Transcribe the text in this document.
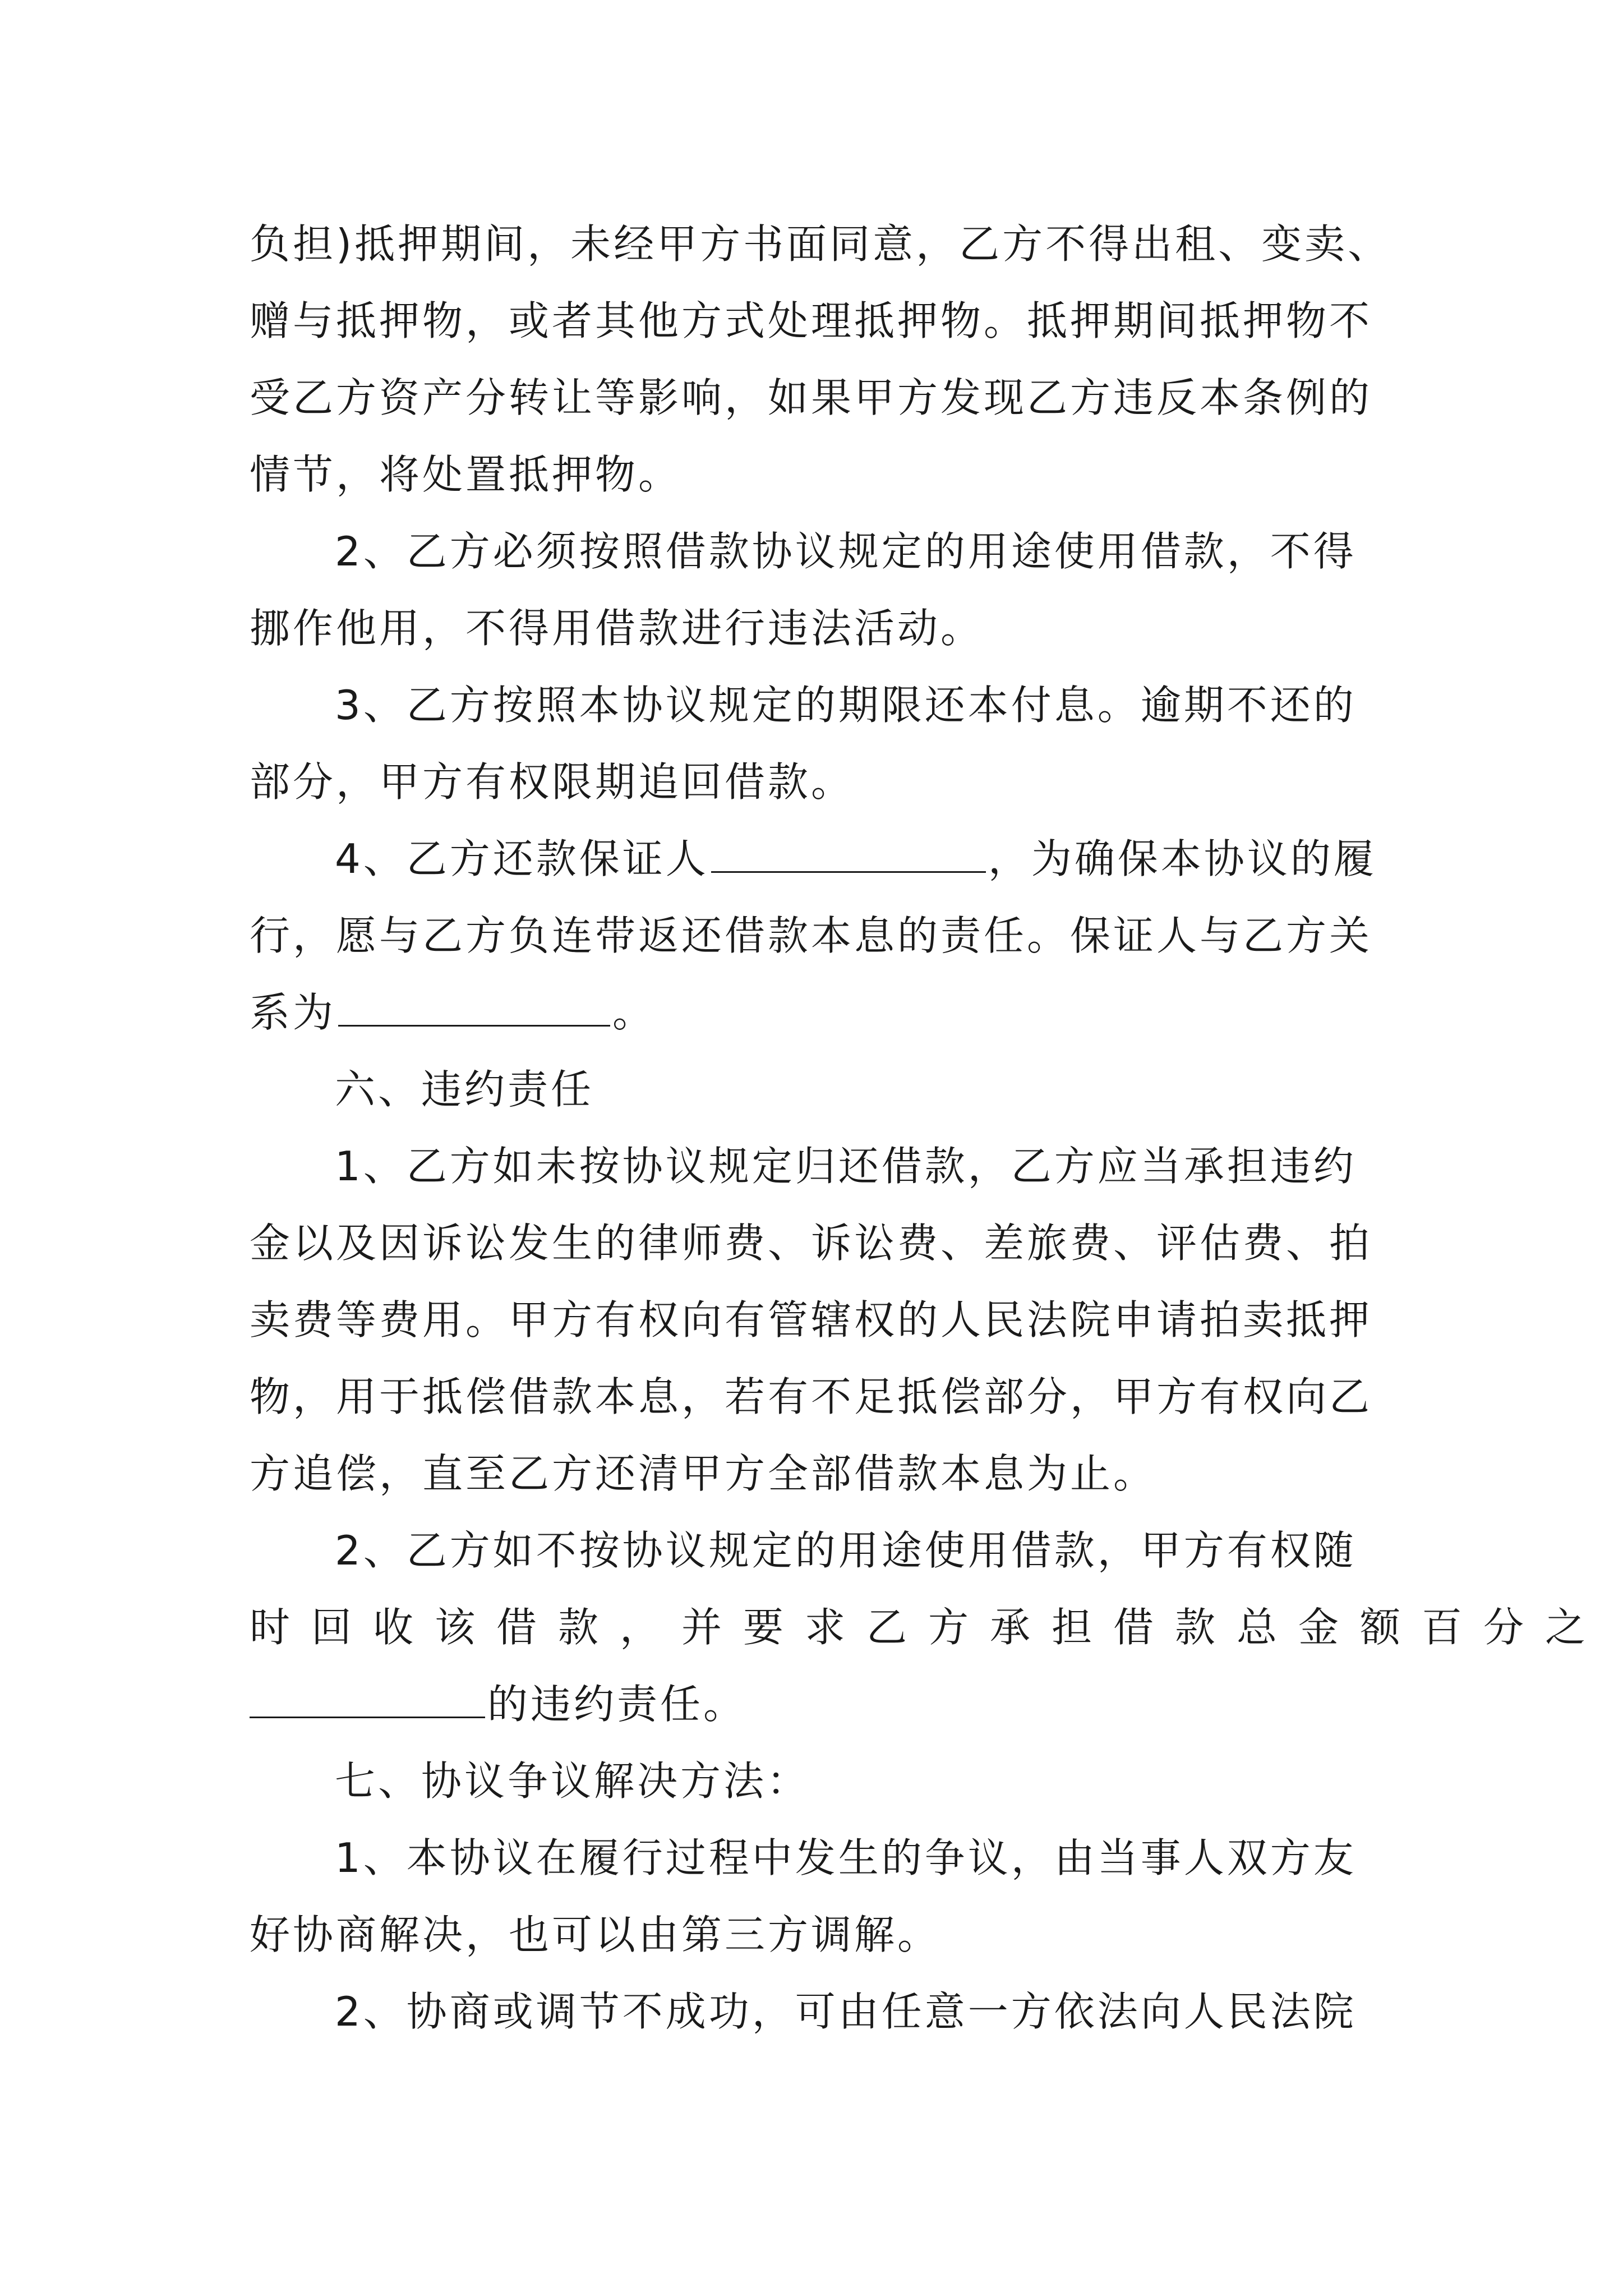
负担)抵押期间，未经甲方书面同意，乙方不得出租、变卖、

赠与抵押物，或者其他方式处理抵押物。抵押期间抵押物不

受乙方资产分转让等影响，如果甲方发现乙方违反本条例的

情节，将处置抵押物。

2、乙方必须按照借款协议规定的用途使用借款，不得

挪作他用，不得用借款进行违法活动。

3、乙方按照本协议规定的期限还本付息。逾期不还的

部分，甲方有权限期追回借款。

4、乙方还款保证人	，为确保本协议的履

行，愿与乙方负连带返还借款本息的责任。保证人与乙方关

系为	。

六、违约责任

1、乙方如未按协议规定归还借款，乙方应当承担违约

金以及因诉讼发生的律师费、诉讼费、差旅费、评估费、拍

卖费等费用。甲方有权向有管辖权的人民法院申请拍卖抵押

物，用于抵偿借款本息，若有不足抵偿部分，甲方有权向乙

方追偿，直至乙方还清甲方全部借款本息为止。

2、乙方如不按协议规定的用途使用借款，甲方有权随

时回收该借款，并要求乙方承担借款总金额百分之

的违约责任。

七、协议争议解决方法：

1、本协议在履行过程中发生的争议，由当事人双方友

好协商解决，也可以由第三方调解。

2、协商或调节不成功，可由任意一方依法向人民法院
